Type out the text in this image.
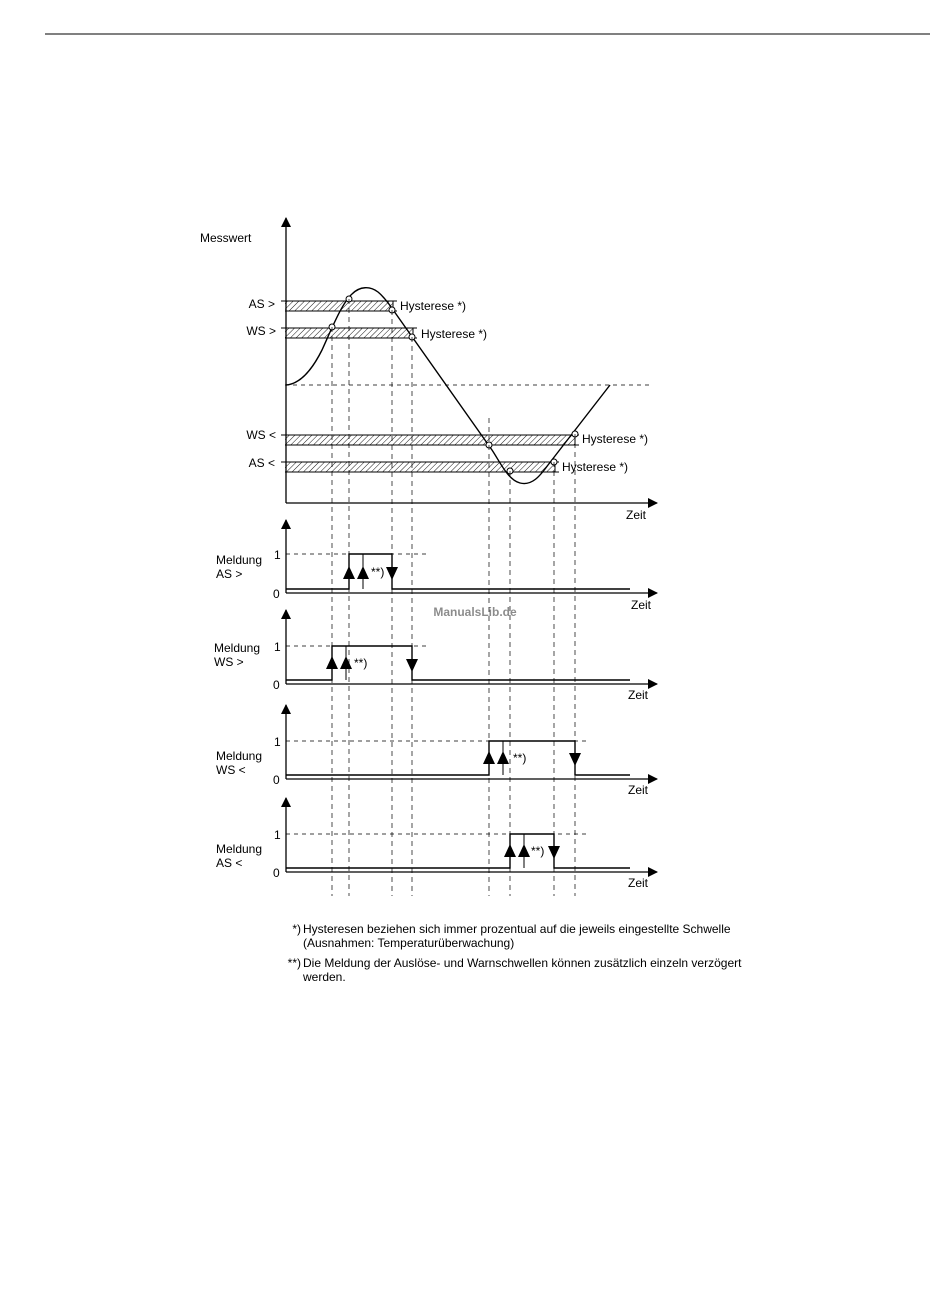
Messwert
Zeit
AS >
WS >
WS <
AS <
Hysterese *)
Hysterese *)
Hysterese *)
Hysterese *)
**)
1
0
Meldung
AS >
Zeit
**)
1
0
Meldung
WS >
Zeit
**)
1
0
Meldung
WS <
Zeit
**)
1
0
Meldung
AS <
Zeit
ManualsLib.de
*) Hysteresen beziehen sich immer prozentual auf die jeweils eingestellte Schwelle
(Ausnahmen: Temperaturüberwachung)
**) Die Meldung der Auslöse- und Warnschwellen können zusätzlich einzeln verzögert
werden.
